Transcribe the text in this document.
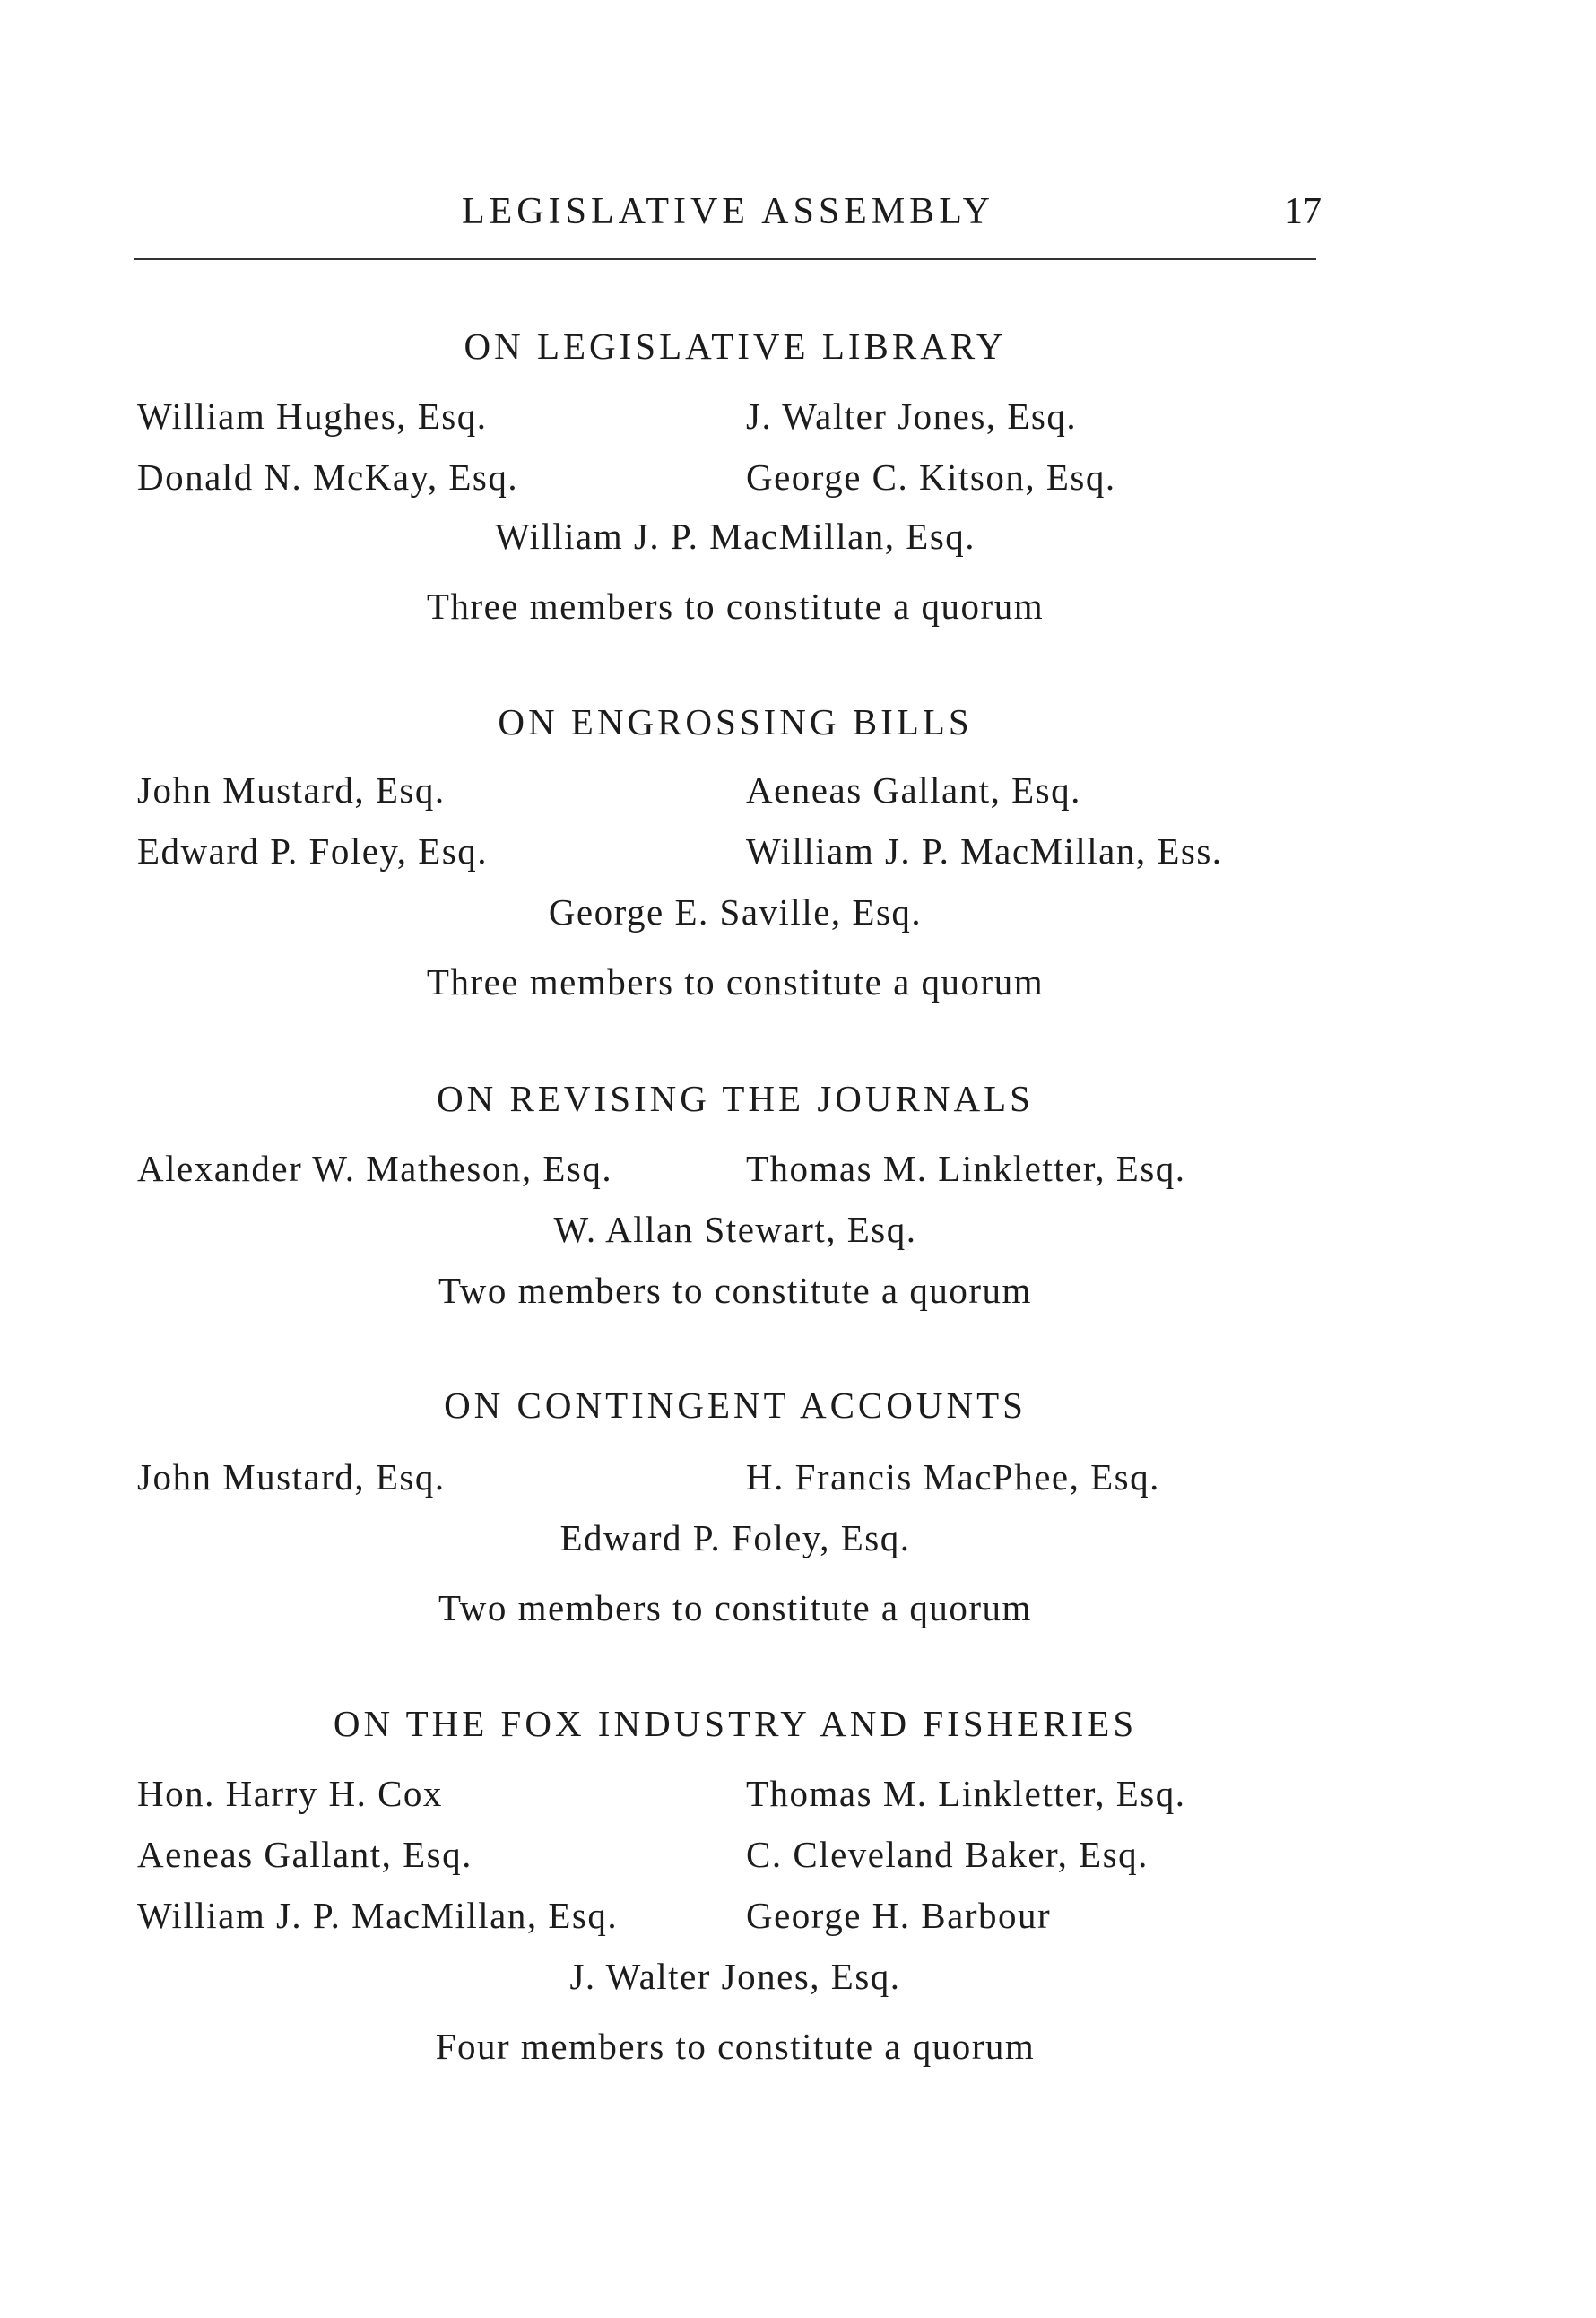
LEGISLATIVE ASSEMBLY	17
ON LEGISLATIVE LIBRARY
William Hughes, Esq.	J. Walter Jones, Esq.
Donald N. McKay, Esq.	George C. Kitson, Esq.
William J. P. MacMillan, Esq.
Three members to constitute a quorum
ON ENGROSSING BILLS
John Mustard, Esq.	Aeneas Gallant, Esq.
Edward P. Foley, Esq.	William J. P. MacMillan, Ess.
George E. Saville, Esq.
Three members to constitute a quorum
ON REVISING THE JOURNALS
Alexander W. Matheson, Esq.	Thomas M. Linkletter, Esq.
W. Allan Stewart, Esq.
Two members to constitute a quorum
ON CONTINGENT ACCOUNTS
John Mustard, Esq.	H. Francis MacPhee, Esq.
Edward P. Foley, Esq.
Two members to constitute a quorum
ON THE FOX INDUSTRY AND FISHERIES
Hon. Harry H. Cox	Thomas M. Linkletter, Esq.
Aeneas Gallant, Esq.	C. Cleveland Baker, Esq.
William J. P. MacMillan, Esq.	George H. Barbour
J. Walter Jones, Esq.
Four members to constitute a quorum
